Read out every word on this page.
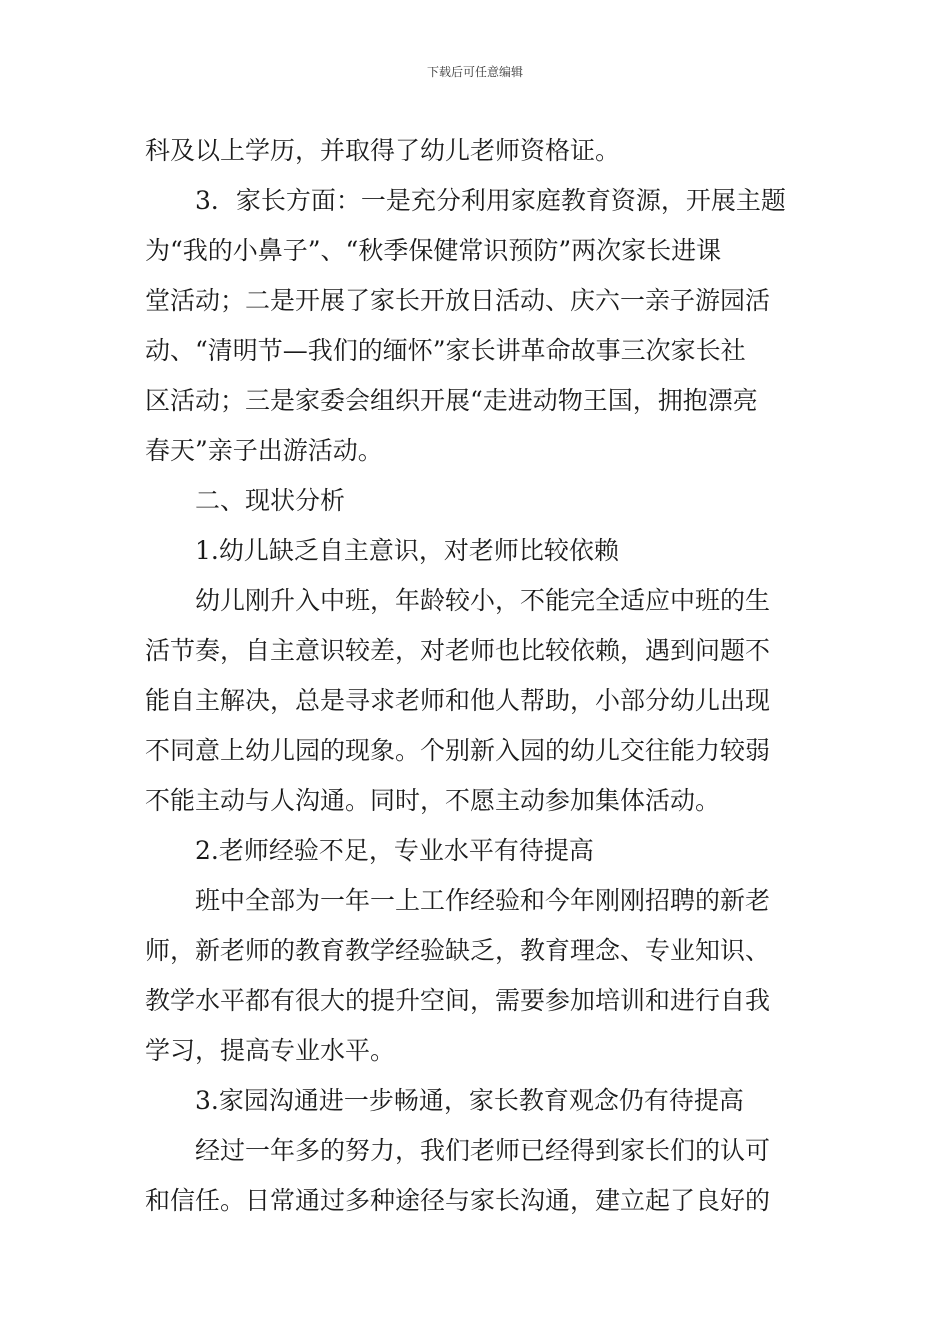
下载后可任意编辑
科及以上学历，并取得了幼儿老师资格证。
3．家长方面：一是充分利用家庭教育资源，开展主题
为“我的小鼻子”、“秋季保健常识预防”两次家长进课
堂活动；二是开展了家长开放日活动、庆六一亲子游园活
动、“清明节—我们的缅怀”家长讲革命故事三次家长社
区活动；三是家委会组织开展“走进动物王国，拥抱漂亮
春天”亲子出游活动。
二、现状分析
1.幼儿缺乏自主意识，对老师比较依赖
幼儿刚升入中班，年龄较小，不能完全适应中班的生
活节奏，自主意识较差，对老师也比较依赖，遇到问题不
能自主解决，总是寻求老师和他人帮助，小部分幼儿出现
不同意上幼儿园的现象。个别新入园的幼儿交往能力较弱
不能主动与人沟通。同时，不愿主动参加集体活动。
2.老师经验不足，专业水平有待提高
班中全部为一年一上工作经验和今年刚刚招聘的新老
师，新老师的教育教学经验缺乏，教育理念、专业知识、
教学水平都有很大的提升空间，需要参加培训和进行自我
学习，提高专业水平。
3.家园沟通进一步畅通，家长教育观念仍有待提高
经过一年多的努力，我们老师已经得到家长们的认可
和信任。日常通过多种途径与家长沟通，建立起了良好的
